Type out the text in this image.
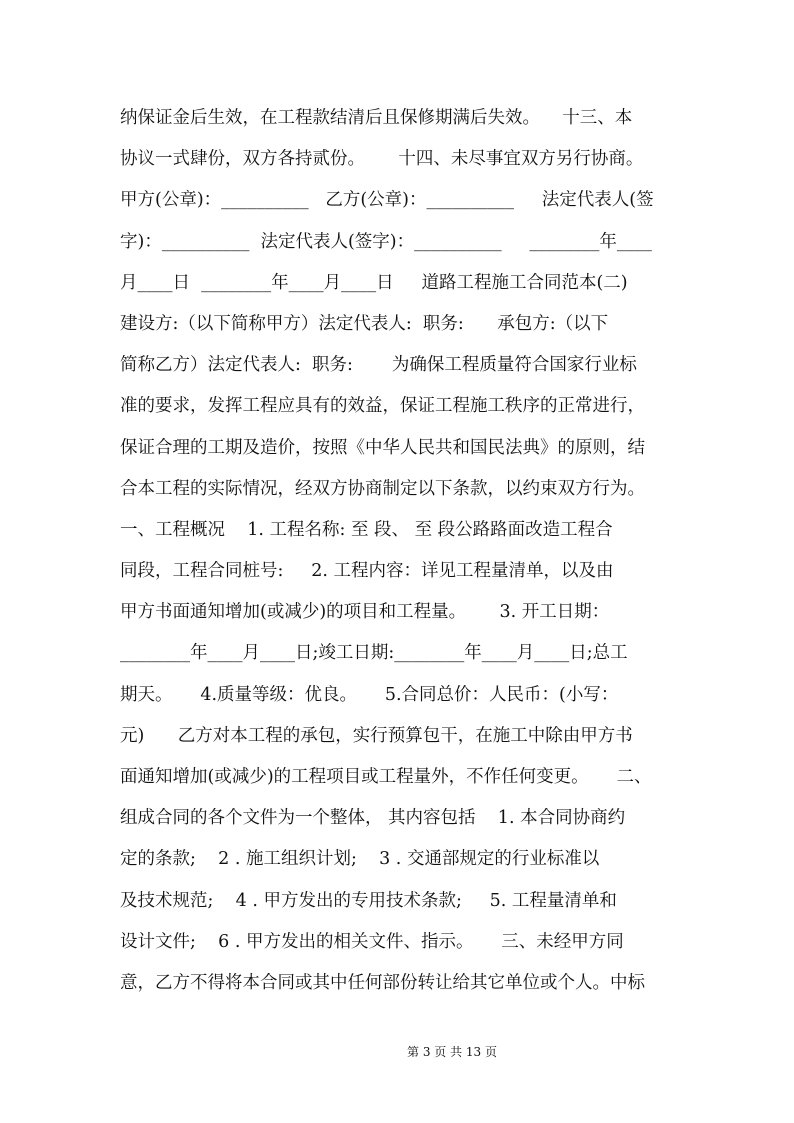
纳保证金后生效，在工程款结清后且保修期满后失效。    十三、本
协议一式肆份，双方各持贰份。      十四、未尽事宜双方另行协商。
甲方(公章)：__________   乙方(公章)：__________     法定代表人(签
字)：__________  法定代表人(签字)：__________     ________年____
月____日  ________年____月____日     道路工程施工合同范本(二)
建设方:（以下简称甲方）法定代表人:  职务:      承包方:（以下
简称乙方）法定代表人:  职务:       为确保工程质量符合国家行业标
准的要求，发挥工程应具有的效益，保证工程施工秩序的正常进行，
保证合理的工期及造价，按照《中华人民共和国民法典》的原则，结
合本工程的实际情况，经双方协商制定以下条款，以约束双方行为。
一、工程概况    1. 工程名称: 至 段、 至 段公路路面改造工程合
同段，工程合同桩号:     2. 工程内容：详见工程量清单，以及由
甲方书面通知增加(或减少)的项目和工程量。      3. 开工日期：
________年____月____日;竣工日期:________年____月____日;总工
期天。     4.质量等级：优良。     5.合同总价：人民币：(小写：
元)      乙方对本工程的承包，实行预算包干，在施工中除由甲方书
面通知增加(或减少)的工程项目或工程量外，不作任何变更。     二、
组成合同的各个文件为一个整体， 其内容包括    1. 本合同协商约
定的条款;    2 . 施工组织计划;    3 . 交通部规定的行业标准以
及技术规范;    4 . 甲方发出的专用技术条款;     5. 工程量清单和
设计文件;    6 . 甲方发出的相关文件、指示。     三、未经甲方同
意，乙方不得将本合同或其中任何部份转让给其它单位或个人。中标
第 3 页 共 13 页
